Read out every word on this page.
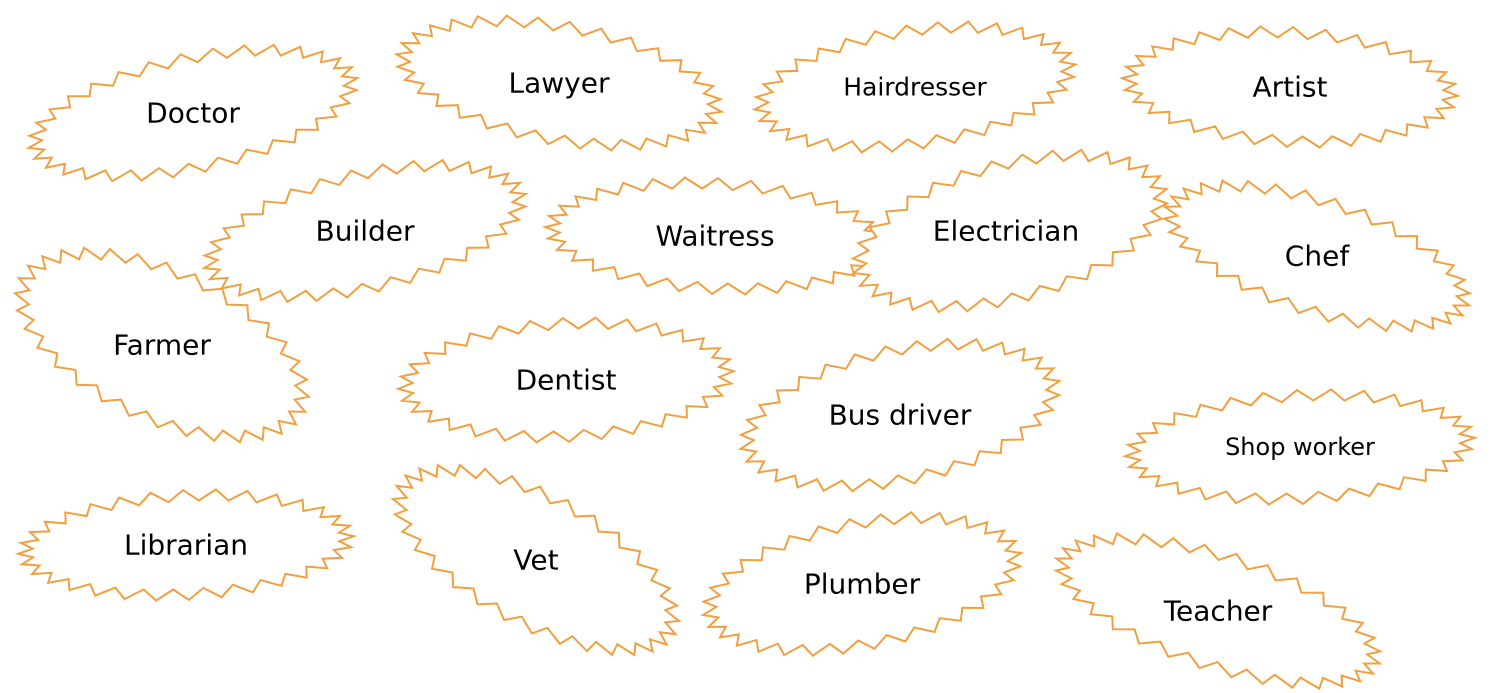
Doctor
Lawyer	Hairdresser	Artist
Builder	Waitress	Electrician
Chef
Farmer
Dentist
Bus driver
Shop worker
Librarian	Vet
Plumber
Teacher
